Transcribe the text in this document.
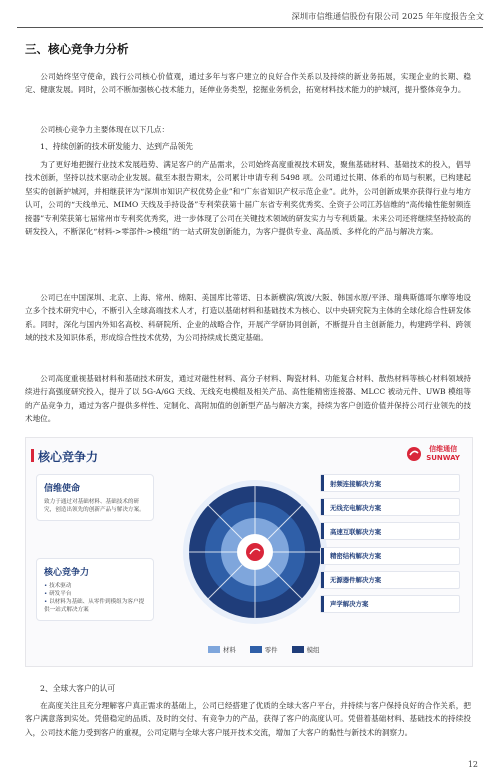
深圳市信维通信股份有限公司 2025 年年度报告全文
三、核心竞争力分析
公司始终坚守使命，践行公司核心价值观，通过多年与客户建立的良好合作关系以及持续的新业务拓展，实现企业的长期、稳定、健康发展。同时，公司不断加强核心技术能力，延伸业务类型，挖掘业务机会，拓宽材料技术能力的护城河，提升整体竞争力。
公司核心竞争力主要体现在以下几点：
1、持续创新的技术研发能力、达到产品领先
为了更好地把握行业技术发展趋势、满足客户的产品需求，公司始终高度重视技术研发，聚焦基础材料、基础技术的投入，倡导技术创新，坚持以技术驱动企业发展。截至本报告期末，公司累计申请专利 5498 项。公司通过长期、体系的布局与积累，已构建起坚实的创新护城河，并相继获评为“深圳市知识产权优势企业”和“广东省知识产权示范企业”。此外，公司创新成果亦获得行业与地方认可，公司的“天线单元、MIMO 天线及手持设备”专利荣获第十届广东省专利奖优秀奖、全资子公司江苏信维的“高传输性能射频连接器”专利荣获第七届常州市专利奖优秀奖，进一步体现了公司在关键技术领域的研发实力与专利质量。未来公司还将继续坚持较高的研发投入，不断深化“材料->零部件->模组”的一站式研发创新能力，为客户提供专业、高品质、多样化的产品与解决方案。
公司已在中国深圳、北京、上海、常州、绵阳、美国库比蒂诺、日本新横滨/筑波/大阪、韩国水原/平泽、瑞典斯德哥尔摩等地设立多个技术研究中心，不断引入全球高端技术人才，打造以基础材料和基础技术为核心、以中央研究院为主体的全球化综合性研发体系。同时，深化与国内外知名高校、科研院所、企业的战略合作，开展产学研协同创新，不断提升自主创新能力，构建跨学科、跨领域的技术及知识体系，形成综合性技术优势，为公司持续成长奠定基础。
公司高度重视基础材料和基础技术研发，通过对磁性材料、高分子材料、陶瓷材料、功能复合材料、散热材料等核心材料领域持续进行高强度研究投入，提升了以 5G-A/6G 天线、无线充电模组及相关产品、高性能精密连接器、MLCC 被动元件、UWB 模组等的产品竞争力，通过为客户提供多样性、定制化、高附加值的创新型产品与解决方案，持续为客户创造价值并保持公司行业领先的技术地位。
核心竞争力
信维通信
SUNWAY
信维使命

致力于通过对基础材料、基础技术的研究，创造出领先的创新产品与解决方案。

核心竞争力
• 技术驱动
• 研发平台
• 以材料为基础、从零件到模组为客户提供一站式解决方案
射频连接解决方案
无线充电解决方案
高速互联解决方案
精密结构解决方案
无源器件解决方案
声学解决方案
材料	零件	模组
2、全球大客户的认可
在高度关注且充分理解客户真正需求的基础上，公司已经搭建了优质的全球大客户平台，并持续与客户保持良好的合作关系，把客户满意落到实处。凭借稳定的品质、及时的交付、有竞争力的产品，获得了客户的高度认可。凭借着基础材料、基础技术的持续投入，公司技术能力受到客户的重视，公司定期与全球大客户展开技术交流，增加了大客户的黏性与新技术的洞察力。
12
